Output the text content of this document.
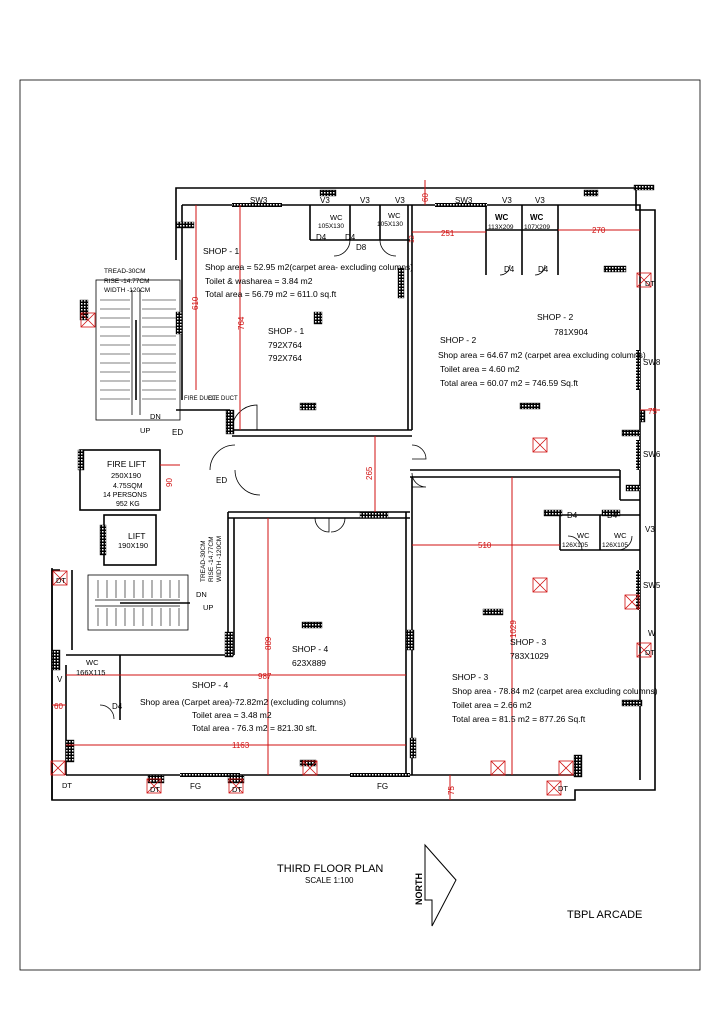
THIRD FLOOR PLAN
SCALE 1:100
TBPL ARCADE
NORTH
SHOP - 1
Shop area = 52.95 m2(carpet area- excluding columns)
Toilet & washarea = 3.84 m2
Total area = 56.79 m2 = 611.0 sq.ft
SHOP - 1
792X764
792X764
SHOP - 2
781X904
SHOP - 2
Shop area = 64.67 m2 (carpet area excluding columns)
Toilet area = 4.60 m2
Total area = 60.07 m2 = 746.59 Sq.ft
SHOP - 3
783X1029
SHOP - 3
Shop area - 78.84 m2 (carpet area excluding columns)
Toilet area = 2.66 m2
Total area = 81.5 m2 = 877.26 Sq.ft
SHOP - 4
623X889
SHOP - 4
Shop area (Carpet area)-72.82m2 (excluding columns)
Toilet area = 3.48 m2
Total area - 76.3 m2 = 821.30 sft.
FIRE LIFT
250X190
4.75SQM
14 PERSONS
952 KG
LIFT
190X190
TREAD-30CM
RISE -14.77CM
WIDTH -120CM
TREAD-30CM RISE -14.77CM WIDTH -120CM
FIRE DUCT
ELE DUCT
WC
105X130
WC
105X130
WC
113X209
WC
107X209
WC
126X105
WC
126X105
WC
166X115
SW3	V3	V3	V3	SW3	V3	V3
D4 D4
D8
D4	D4
D4	D4
D4
ED
ED
DN
UP
DN
UP
SW8
SW6
V3
SW5
W
V
FG	FG
DT
DT
DT
DT	DT	DT
DT
60
251	270
12
610
764
75
265
90
510
1029
987
889
60
1163
75
